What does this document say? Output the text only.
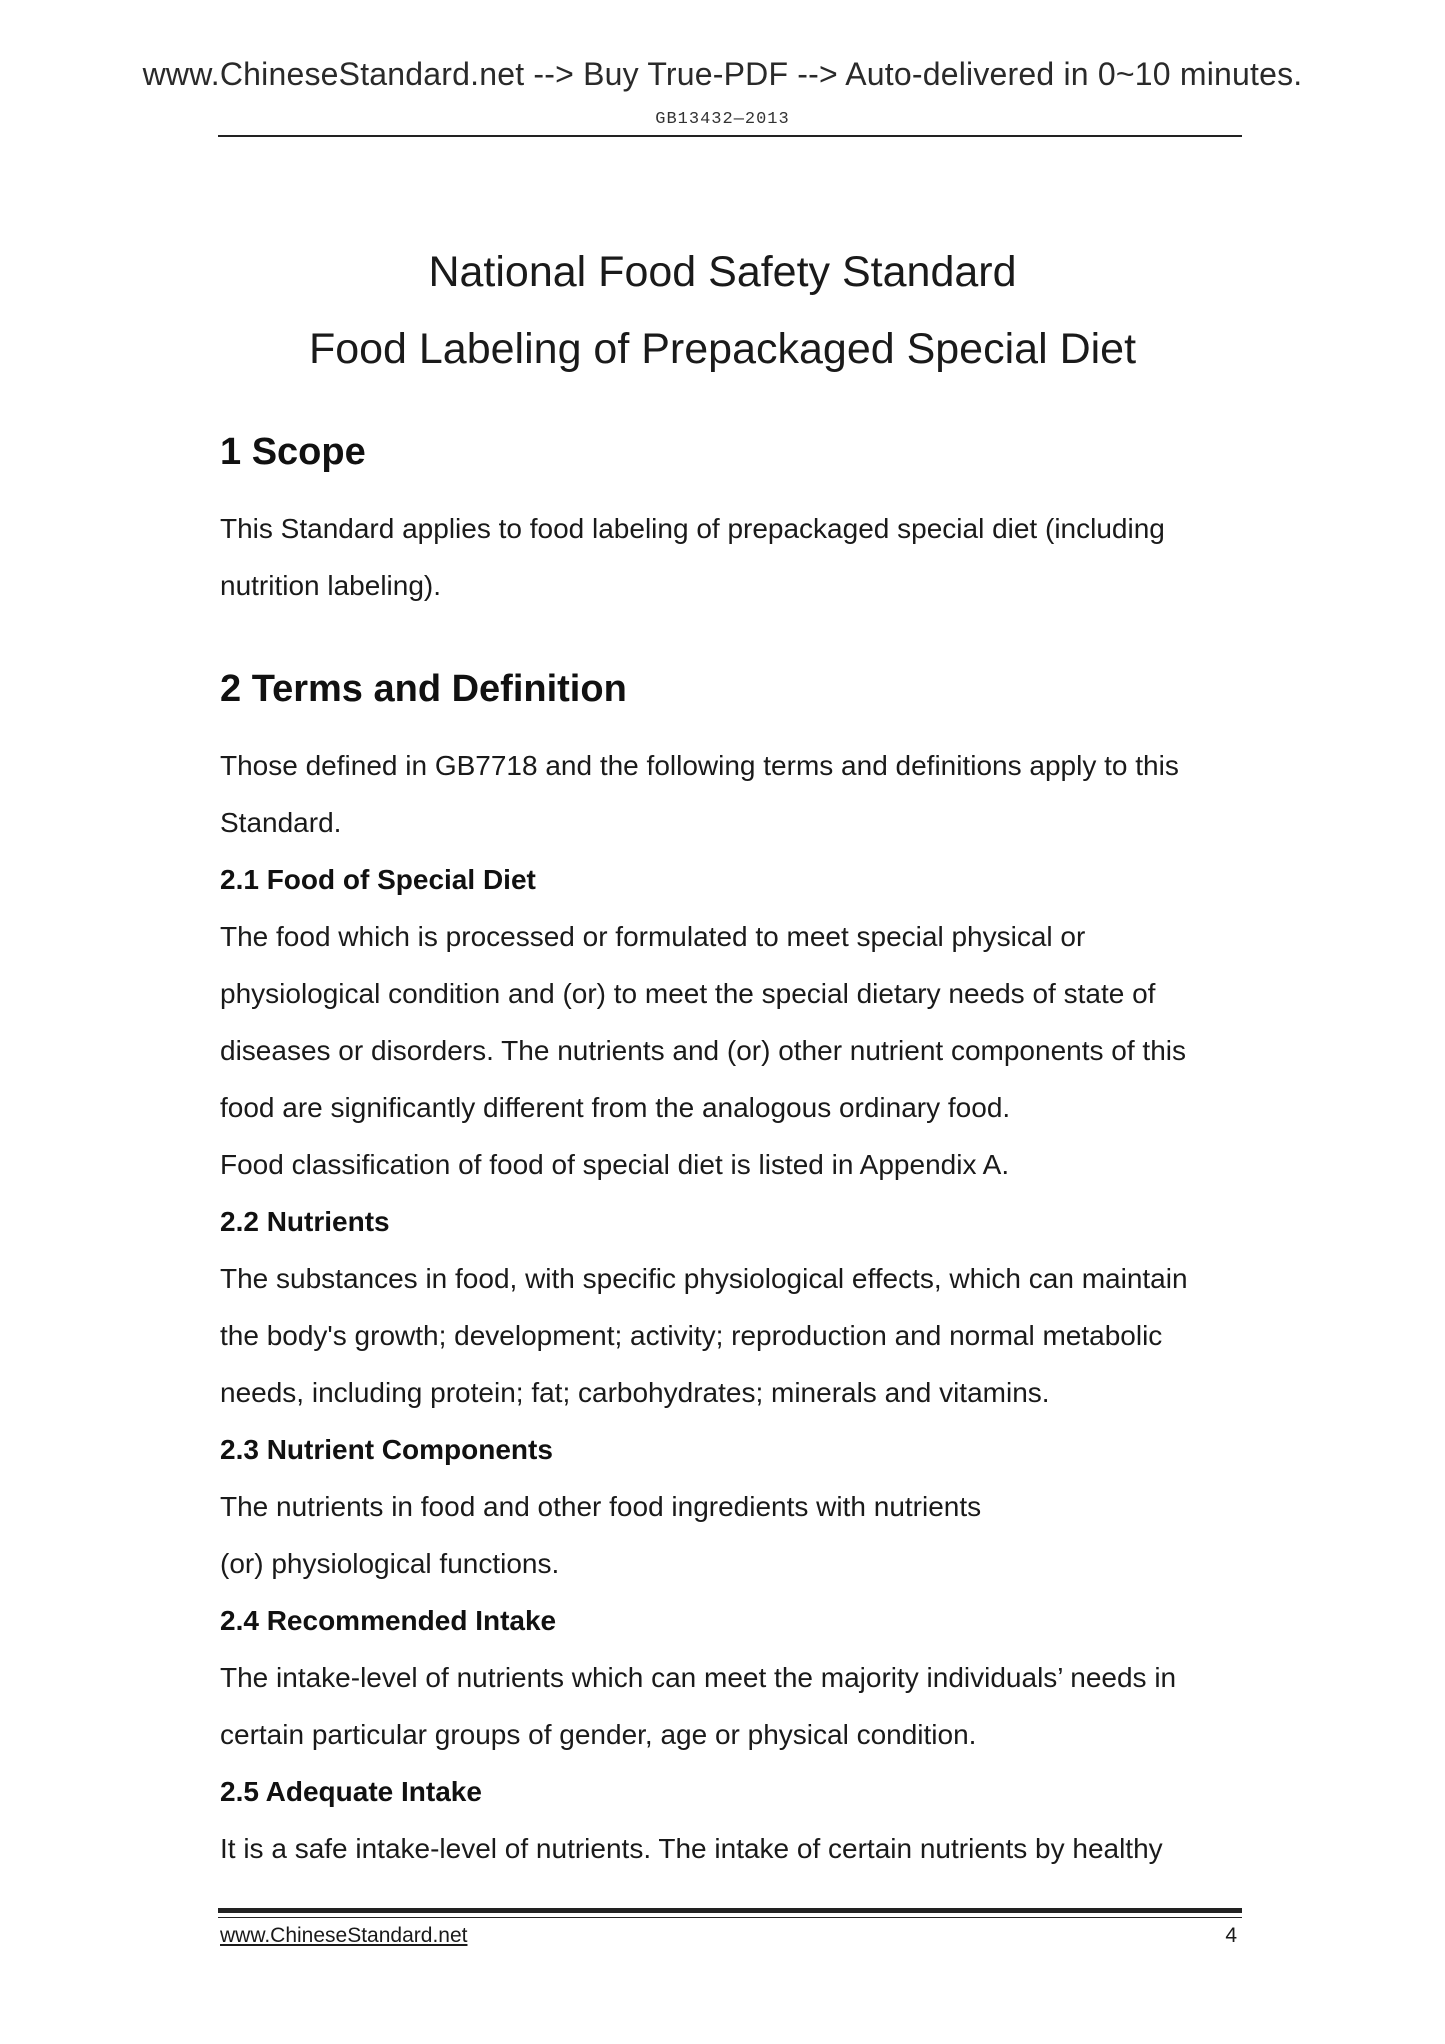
www.ChineseStandard.net --> Buy True-PDF --> Auto-delivered in 0~10 minutes.
GB13432—2013
National Food Safety Standard
Food Labeling of Prepackaged Special Diet
1 Scope

This Standard applies to food labeling of prepackaged special diet (including

nutrition labeling).

2 Terms and Definition

Those defined in GB7718 and the following terms and definitions apply to this

Standard.

2.1 Food of Special Diet

The food which is processed or formulated to meet special physical or

physiological condition and (or) to meet the special dietary needs of state of

diseases or disorders. The nutrients and (or) other nutrient components of this

food are significantly different from the analogous ordinary food.

Food classification of food of special diet is listed in Appendix A.

2.2 Nutrients

The substances in food, with specific physiological effects, which can maintain

the body's growth; development; activity; reproduction and normal metabolic

needs, including protein; fat; carbohydrates; minerals and vitamins.

2.3 Nutrient Components

The nutrients in food and other food ingredients with nutrients

(or) physiological functions.

2.4 Recommended Intake

The intake-level of nutrients which can meet the majority individuals’ needs in

certain particular groups of gender, age or physical condition.

2.5 Adequate Intake

It is a safe intake-level of nutrients. The intake of certain nutrients by healthy

www.ChineseStandard.net	4
